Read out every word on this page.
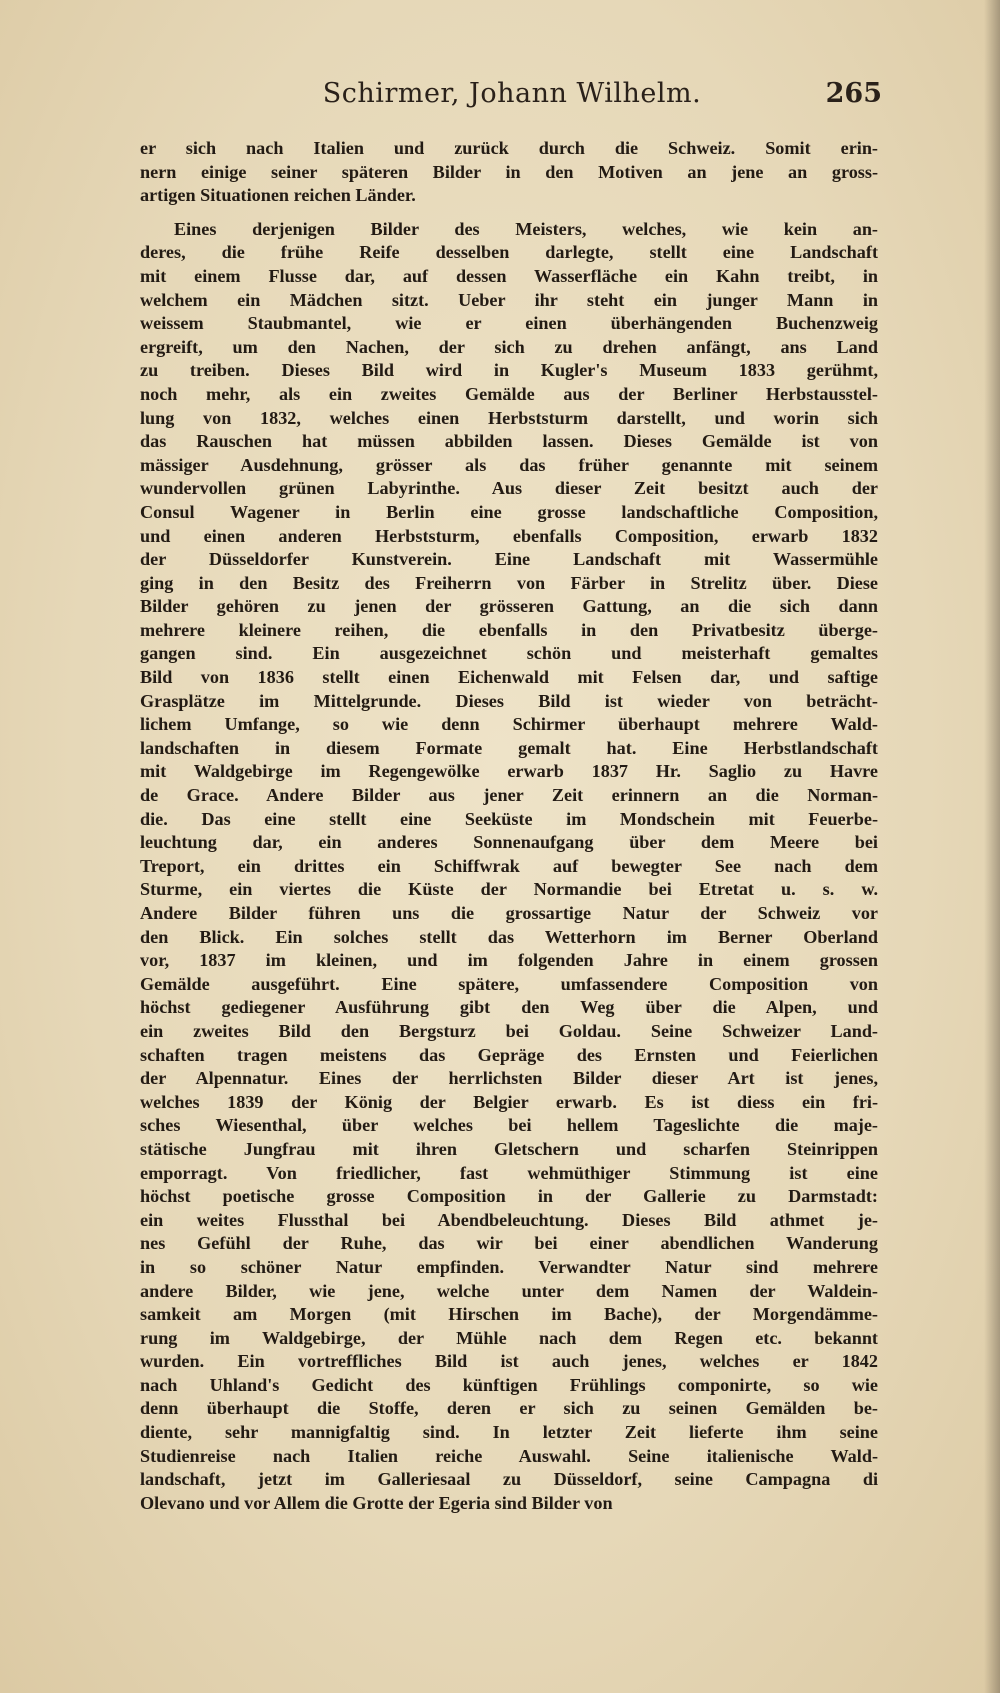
Schirmer, Johann Wilhelm.	265
er sich nach Italien und zurück durch die Schweiz. Somit erin-
nern einige seiner späteren Bilder in den Motiven an jene an gross-
artigen Situationen reichen Länder.
Eines derjenigen Bilder des Meisters, welches, wie kein an-
deres, die frühe Reife desselben darlegte, stellt eine Landschaft
mit einem Flusse dar, auf dessen Wasserfläche ein Kahn treibt, in
welchem ein Mädchen sitzt. Ueber ihr steht ein junger Mann in
weissem Staubmantel, wie er einen überhängenden Buchenzweig
ergreift, um den Nachen, der sich zu drehen anfängt, ans Land
zu treiben. Dieses Bild wird in Kugler's Museum 1833 gerühmt,
noch mehr, als ein zweites Gemälde aus der Berliner Herbstausstel-
lung von 1832, welches einen Herbststurm darstellt, und worin sich
das Rauschen hat müssen abbilden lassen. Dieses Gemälde ist von
mässiger Ausdehnung, grösser als das früher genannte mit seinem
wundervollen grünen Labyrinthe. Aus dieser Zeit besitzt auch der
Consul Wagener in Berlin eine grosse landschaftliche Composition,
und einen anderen Herbststurm, ebenfalls Composition, erwarb 1832
der Düsseldorfer Kunstverein. Eine Landschaft mit Wassermühle
ging in den Besitz des Freiherrn von Färber in Strelitz über. Diese
Bilder gehören zu jenen der grösseren Gattung, an die sich dann
mehrere kleinere reihen, die ebenfalls in den Privatbesitz überge-
gangen sind. Ein ausgezeichnet schön und meisterhaft gemaltes
Bild von 1836 stellt einen Eichenwald mit Felsen dar, und saftige
Grasplätze im Mittelgrunde. Dieses Bild ist wieder von beträcht-
lichem Umfange, so wie denn Schirmer überhaupt mehrere Wald-
landschaften in diesem Formate gemalt hat. Eine Herbstlandschaft
mit Waldgebirge im Regengewölke erwarb 1837 Hr. Saglio zu Havre
de Grace. Andere Bilder aus jener Zeit erinnern an die Norman-
die. Das eine stellt eine Seeküste im Mondschein mit Feuerbe-
leuchtung dar, ein anderes Sonnenaufgang über dem Meere bei
Treport, ein drittes ein Schiffwrak auf bewegter See nach dem
Sturme, ein viertes die Küste der Normandie bei Etretat u. s. w.
Andere Bilder führen uns die grossartige Natur der Schweiz vor
den Blick. Ein solches stellt das Wetterhorn im Berner Oberland
vor, 1837 im kleinen, und im folgenden Jahre in einem grossen
Gemälde ausgeführt. Eine spätere, umfassendere Composition von
höchst gediegener Ausführung gibt den Weg über die Alpen, und
ein zweites Bild den Bergsturz bei Goldau. Seine Schweizer Land-
schaften tragen meistens das Gepräge des Ernsten und Feierlichen
der Alpennatur. Eines der herrlichsten Bilder dieser Art ist jenes,
welches 1839 der König der Belgier erwarb. Es ist diess ein fri-
sches Wiesenthal, über welches bei hellem Tageslichte die maje-
stätische Jungfrau mit ihren Gletschern und scharfen Steinrippen
emporragt. Von friedlicher, fast wehmüthiger Stimmung ist eine
höchst poetische grosse Composition in der Gallerie zu Darmstadt:
ein weites Flussthal bei Abendbeleuchtung. Dieses Bild athmet je-
nes Gefühl der Ruhe, das wir bei einer abendlichen Wanderung
in so schöner Natur empfinden. Verwandter Natur sind mehrere
andere Bilder, wie jene, welche unter dem Namen der Waldein-
samkeit am Morgen (mit Hirschen im Bache), der Morgendämme-
rung im Waldgebirge, der Mühle nach dem Regen etc. bekannt
wurden. Ein vortreffliches Bild ist auch jenes, welches er 1842
nach Uhland's Gedicht des künftigen Frühlings componirte, so wie
denn überhaupt die Stoffe, deren er sich zu seinen Gemälden be-
diente, sehr mannigfaltig sind. In letzter Zeit lieferte ihm seine
Studienreise nach Italien reiche Auswahl. Seine italienische Wald-
landschaft, jetzt im Galleriesaal zu Düsseldorf, seine Campagna di
Olevano und vor Allem die Grotte der Egeria sind Bilder von
